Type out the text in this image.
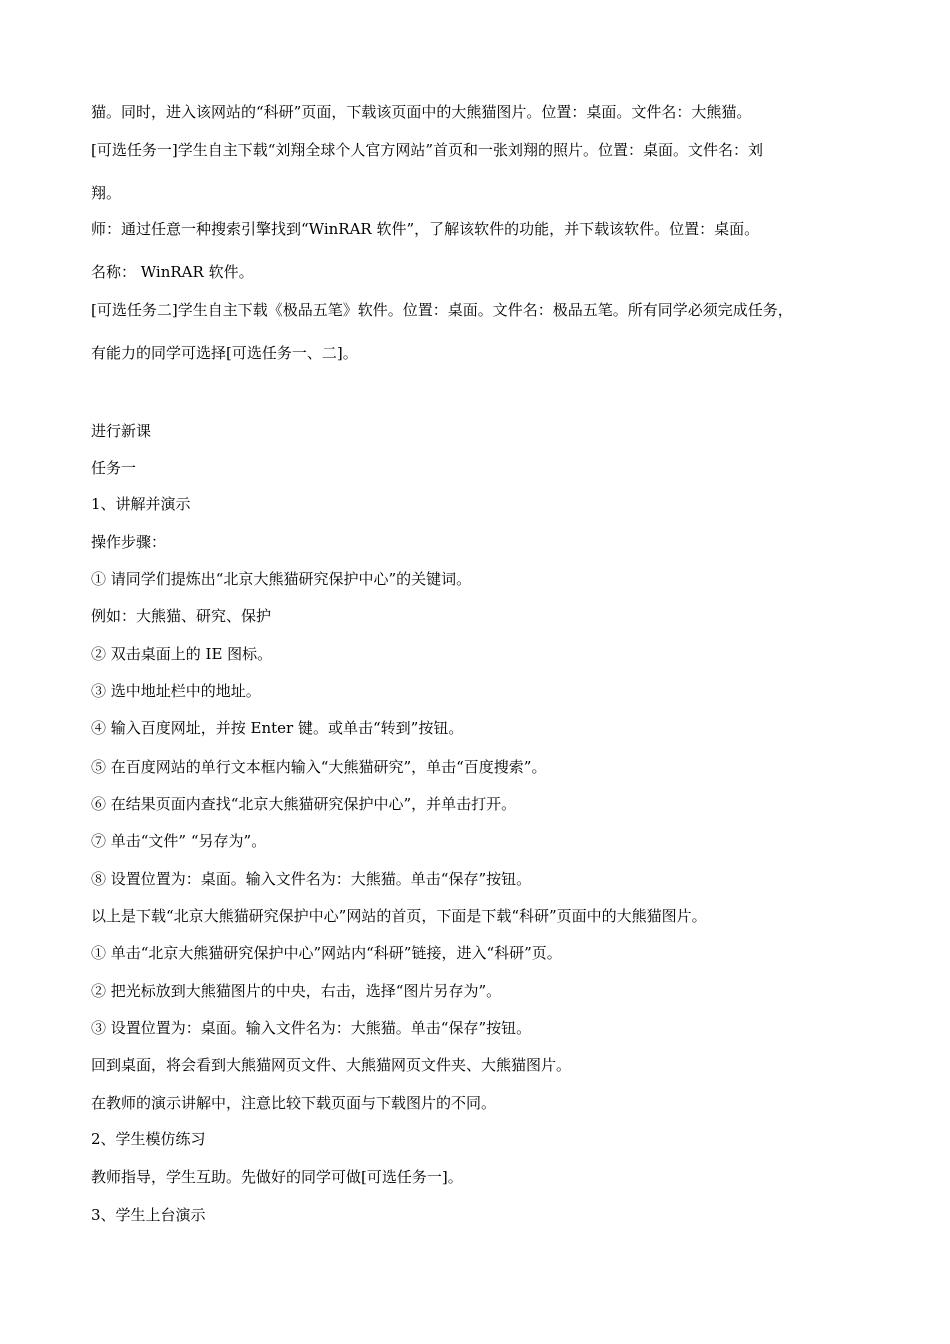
猫。同时，进入该网站的“科研”页面，下载该页面中的大熊猫图片。位置：桌面。文件名：大熊猫。

[可选任务一]学生自主下载“刘翔全球个人官方网站”首页和一张刘翔的照片。位置：桌面。文件名：刘

翔。

师：通过任意一种搜索引擎找到“WinRAR 软件”，了解该软件的功能，并下载该软件。位置：桌面。

名称： WinRAR 软件。

[可选任务二]学生自主下载《极品五笔》软件。位置：桌面。文件名：极品五笔。所有同学必须完成任务，

有能力的同学可选择[可选任务一、二]。

进行新课

任务一

1、讲解并演示

操作步骤：

① 请同学们提炼出“北京大熊猫研究保护中心”的关键词。

例如：大熊猫、研究、保护

② 双击桌面上的 IE 图标。

③ 选中地址栏中的地址。

④ 输入百度网址，并按 Enter 键。或单击“转到”按钮。

⑤ 在百度网站的单行文本框内输入“大熊猫研究”，单击“百度搜索”。

⑥ 在结果页面内查找“北京大熊猫研究保护中心”，并单击打开。

⑦ 单击“文件” “另存为”。

⑧ 设置位置为：桌面。输入文件名为：大熊猫。单击“保存”按钮。

以上是下载“北京大熊猫研究保护中心”网站的首页，下面是下载“科研”页面中的大熊猫图片。

① 单击“北京大熊猫研究保护中心”网站内“科研”链接，进入“科研”页。

② 把光标放到大熊猫图片的中央，右击，选择“图片另存为”。

③ 设置位置为：桌面。输入文件名为：大熊猫。单击“保存”按钮。

回到桌面，将会看到大熊猫网页文件、大熊猫网页文件夹、大熊猫图片。

在教师的演示讲解中，注意比较下载页面与下载图片的不同。

2、学生模仿练习

教师指导，学生互助。先做好的同学可做[可选任务一]。

3、学生上台演示
